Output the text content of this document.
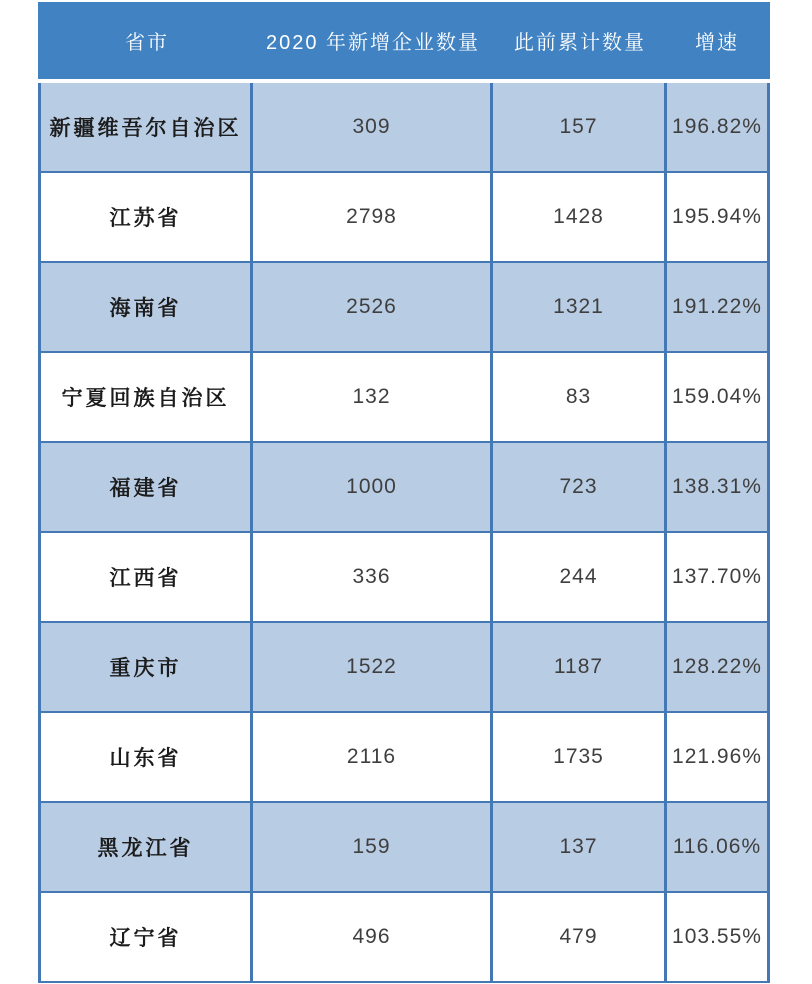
省市	2020 年新增企业数量	此前累计数量	增速
新疆维吾尔自治区	309	157	196.82%
江苏省	2798	1428	195.94%
海南省	2526	1321	191.22%
宁夏回族自治区	132	83	159.04%
福建省	1000	723	138.31%
江西省	336	244	137.70%
重庆市	1522	1187	128.22%
山东省	2116	1735	121.96%
黑龙江省	159	137	116.06%
辽宁省	496	479	103.55%
